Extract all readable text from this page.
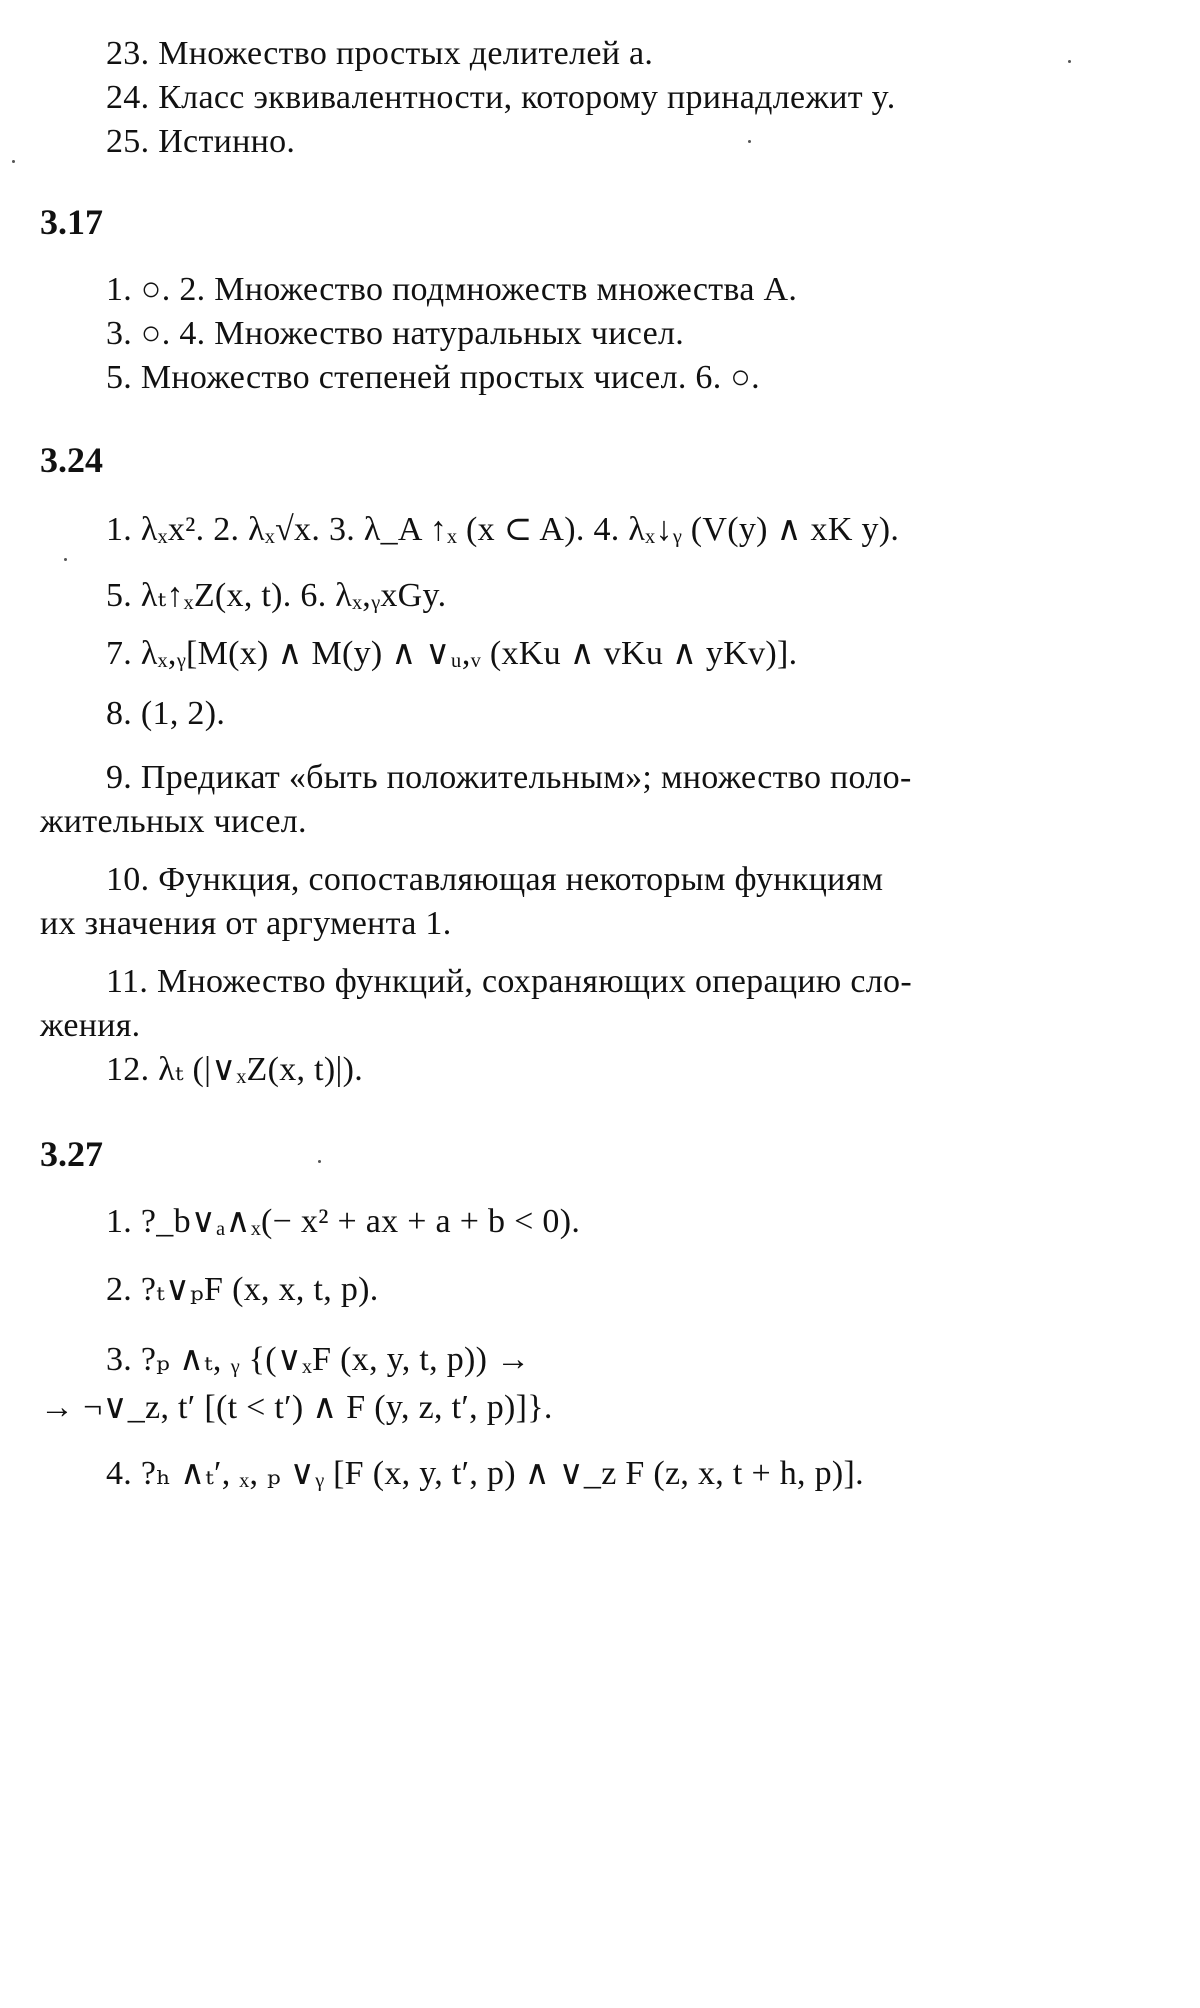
23. Множество простых делителей a.
24. Класс эквивалентности, которому принадлежит y.
25. Истинно.
3.17
1. ○. 2. Множество подмножеств множества A.
3. ○. 4. Множество натуральных чисел.
5. Множество степеней простых чисел. 6. ○.
3.24
1. λₓx². 2. λₓ√x. 3. λ_A ↑ₓ (x ⊂ A). 4. λₓ↓ᵧ (V(y) ∧ xK y).
5. λₜ↑ₓZ(x, t). 6. λₓ,ᵧxGy.
7. λₓ,ᵧ[M(x) ∧ M(y) ∧ ∨ᵤ,ᵥ (xKu ∧ vKu ∧ yKv)].
8. (1, 2).
9. Предикат «быть положительным»; множество поло-
жительных чисел.
10. Функция, сопоставляющая некоторым функциям
их значения от аргумента 1.
11. Множество функций, сохраняющих операцию сло-
жения.
12. λₜ (|∨ₓZ(x, t)|).
3.27
1. ?_b∨ₐ∧ₓ(− x² + ax + a + b < 0).
2. ?ₜ∨ₚF (x, x, t, p).
3. ?ₚ ∧ₜ, ᵧ {(∨ₓF (x, y, t, p)) →
→ ¬∨_z, t′ [(t < t′) ∧ F (y, z, t′, p)]}.
4. ?ₕ ∧ₜ′, ₓ, ₚ ∨ᵧ [F (x, y, t′, p) ∧ ∨_z F (z, x, t + h, p)].
